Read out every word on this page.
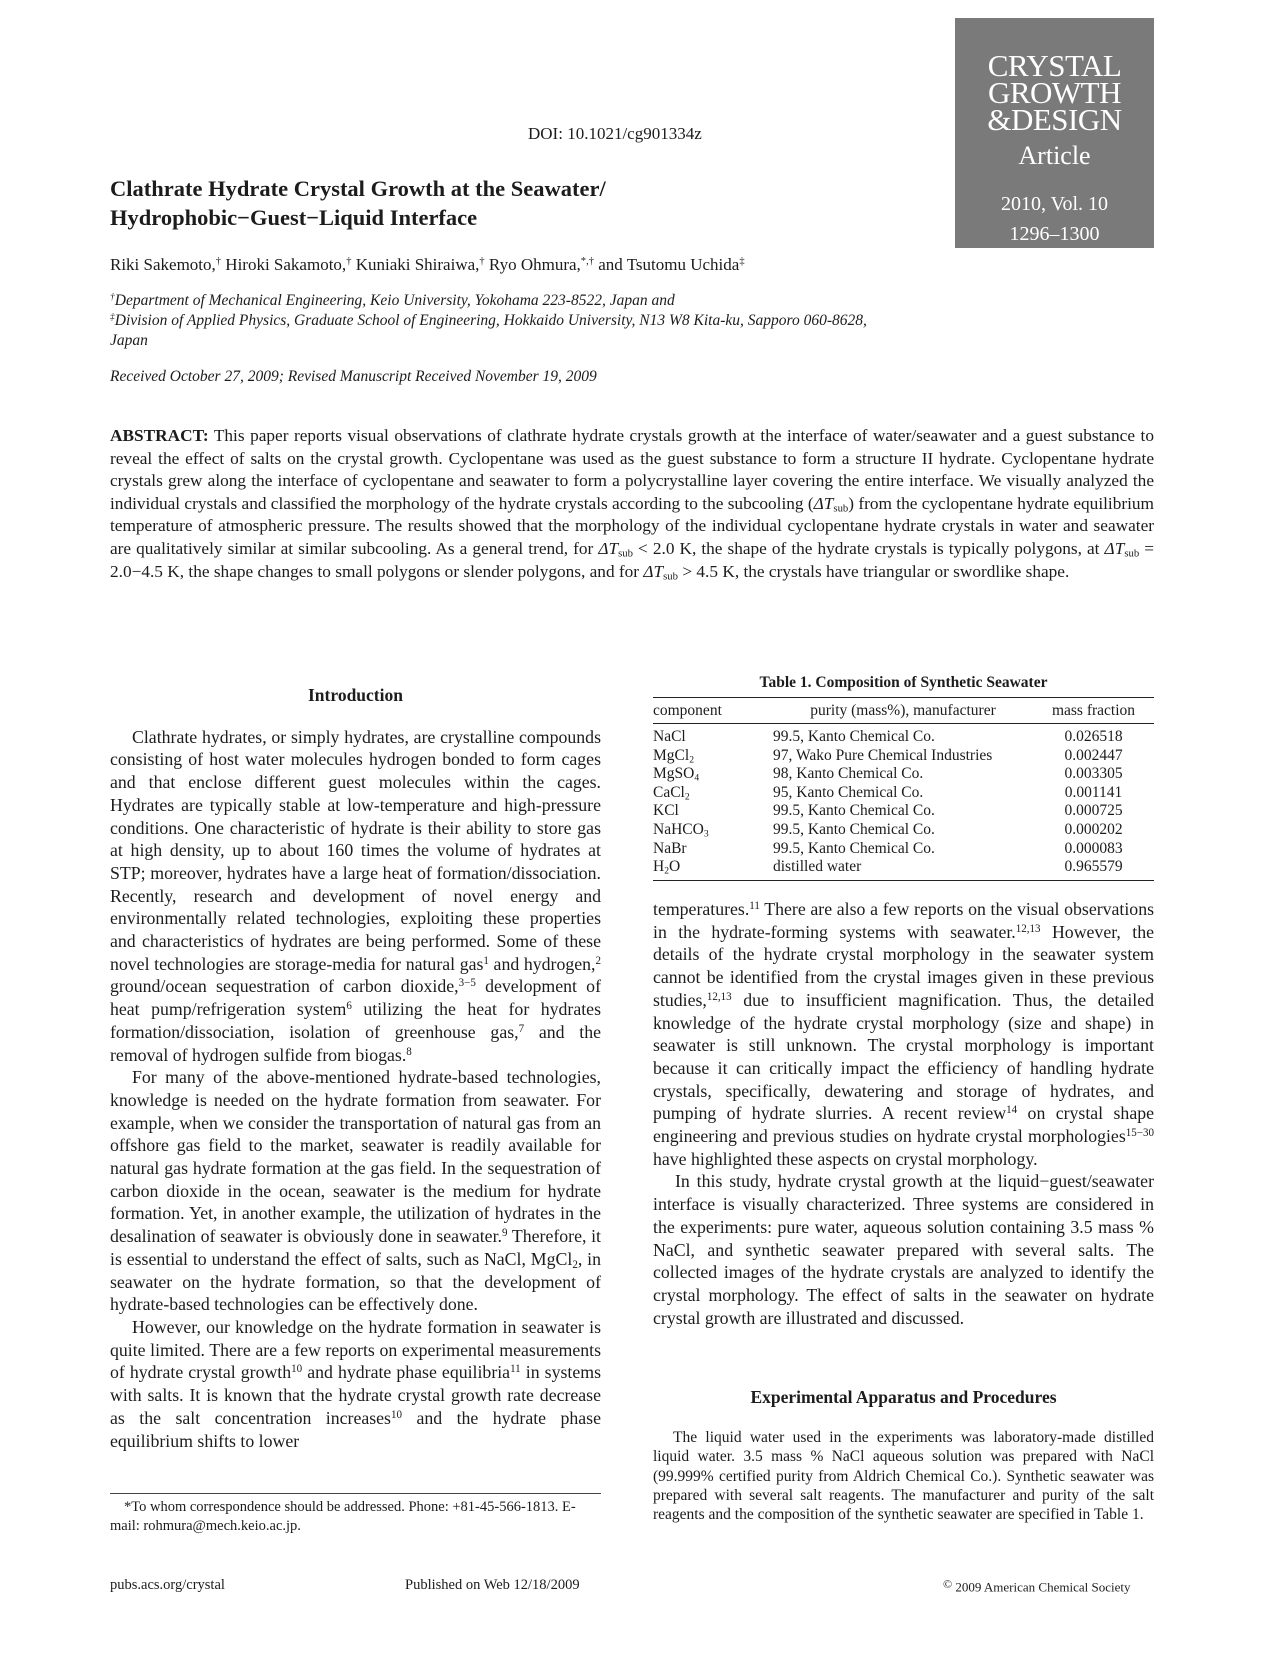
DOI: 10.1021/cg901334z
CRYSTAL
GROWTH
&DESIGN
Article
2010, Vol. 10
1296–1300
Clathrate Hydrate Crystal Growth at the Seawater/
Hydrophobic−Guest−Liquid Interface
Riki Sakemoto,† Hiroki Sakamoto,† Kuniaki Shiraiwa,† Ryo Ohmura,*,† and Tsutomu Uchida‡
†Department of Mechanical Engineering, Keio University, Yokohama 223-8522, Japan and
‡Division of Applied Physics, Graduate School of Engineering, Hokkaido University, N13 W8 Kita-ku, Sapporo 060-8628, Japan
Received October 27, 2009; Revised Manuscript Received November 19, 2009
ABSTRACT: This paper reports visual observations of clathrate hydrate crystals growth at the interface of water/seawater and a guest substance to reveal the effect of salts on the crystal growth. Cyclopentane was used as the guest substance to form a structure II hydrate. Cyclopentane hydrate crystals grew along the interface of cyclopentane and seawater to form a polycrystalline layer covering the entire interface. We visually analyzed the individual crystals and classified the morphology of the hydrate crystals according to the subcooling $(\Delta T_{sub})$ from the cyclopentane hydrate equilibrium temperature of atmospheric pressure. The results showed that the morphology of the individual cyclopentane hydrate crystals in water and seawater are qualitatively similar at similar subcooling. As a general trend, for $\Delta T_{sub} < 2.0$ K, the shape of the hydrate crystals is typically polygons, at $\Delta T_{sub} = 2.0-4.5$ K, the shape changes to small polygons or slender polygons, and for $\Delta T_{sub} > 4.5$ K, the crystals have triangular or swordlike shape.
Introduction

Clathrate hydrates, or simply hydrates, are crystalline compounds consisting of host water molecules hydrogen bonded to form cages and that enclose different guest molecules within the cages. Hydrates are typically stable at low-temperature and high-pressure conditions. One characteristic of hydrate is their ability to store gas at high density, up to about 160 times the volume of hydrates at STP; moreover, hydrates have a large heat of formation/dissociation. Recently, research and development of novel energy and environmentally related technologies, exploiting these properties and characteristics of hydrates are being performed. Some of these novel technologies are storage-media for natural gas$^1$ and hydrogen,$^2$ ground/ocean sequestration of carbon dioxide,$^{3-5}$ development of heat pump/refrigeration system$^6$ utilizing the heat for hydrates formation/dissociation, isolation of greenhouse gas,$^7$ and the removal of hydrogen sulfide from biogas.$^8$

For many of the above-mentioned hydrate-based technologies, knowledge is needed on the hydrate formation from seawater. For example, when we consider the transportation of natural gas from an offshore gas field to the market, seawater is readily available for natural gas hydrate formation at the gas field. In the sequestration of carbon dioxide in the ocean, seawater is the medium for hydrate formation. Yet, in another example, the utilization of hydrates in the desalination of seawater is obviously done in seawater.$^9$ Therefore, it is essential to understand the effect of salts, such as NaCl, MgCl$_2$, in seawater on the hydrate formation, so that the development of hydrate-based technologies can be effectively done.

However, our knowledge on the hydrate formation in seawater is quite limited. There are a few reports on experimental measurements of hydrate crystal growth$^{10}$ and hydrate phase equilibria$^{11}$ in systems with salts. It is known that the hydrate crystal growth rate decrease as the salt concentration increases$^{10}$ and the hydrate phase equilibrium shifts to lower

Table 1. Composition of Synthetic Seawater
component	purity (mass%), manufacturer	mass fraction
NaCl	99.5, Kanto Chemical Co.	0.026518
MgCl$_2$	97, Wako Pure Chemical Industries	0.002447
MgSO$_4$	98, Kanto Chemical Co.	0.003305
CaCl$_2$	95, Kanto Chemical Co.	0.001141
KCl	99.5, Kanto Chemical Co.	0.000725
NaHCO$_3$	99.5, Kanto Chemical Co.	0.000202
NaBr	99.5, Kanto Chemical Co.	0.000083
$H_2O$	distilled water	0.965579

temperatures.$^{11}$ There are also a few reports on the visual observations in the hydrate-forming systems with seawater.$^{12,13}$ However, the details of the hydrate crystal morphology in the seawater system cannot be identified from the crystal images given in these previous studies,$^{12,13}$ due to insufficient magnification. Thus, the detailed knowledge of the hydrate crystal morphology (size and shape) in seawater is still unknown. The crystal morphology is important because it can critically impact the efficiency of handling hydrate crystals, specifically, dewatering and storage of hydrates, and pumping of hydrate slurries. A recent review$^{14}$ on crystal shape engineering and previous studies on hydrate crystal morphologies$^{15-30}$ have highlighted these aspects on crystal morphology.

In this study, hydrate crystal growth at the liquid−guest/seawater interface is visually characterized. Three systems are considered in the experiments: pure water, aqueous solution containing 3.5 mass % NaCl, and synthetic seawater prepared with several salts. The collected images of the hydrate crystals are analyzed to identify the crystal morphology. The effect of salts in the seawater on hydrate crystal growth are illustrated and discussed.

Experimental Apparatus and Procedures

The liquid water used in the experiments was laboratory-made distilled liquid water. 3.5 mass % NaCl aqueous solution was prepared with NaCl (99.999% certified purity from Aldrich Chemical Co.). Synthetic seawater was prepared with several salt reagents. The manufacturer and purity of the salt reagents and the composition of the synthetic seawater are specified in Table 1.

*To whom correspondence should be addressed. Phone: +81-45-566-1813. E-mail: rohmura@mech.keio.ac.jp.
pubs.acs.org/crystal	Published on Web 12/18/2009	© 2009 American Chemical Society
